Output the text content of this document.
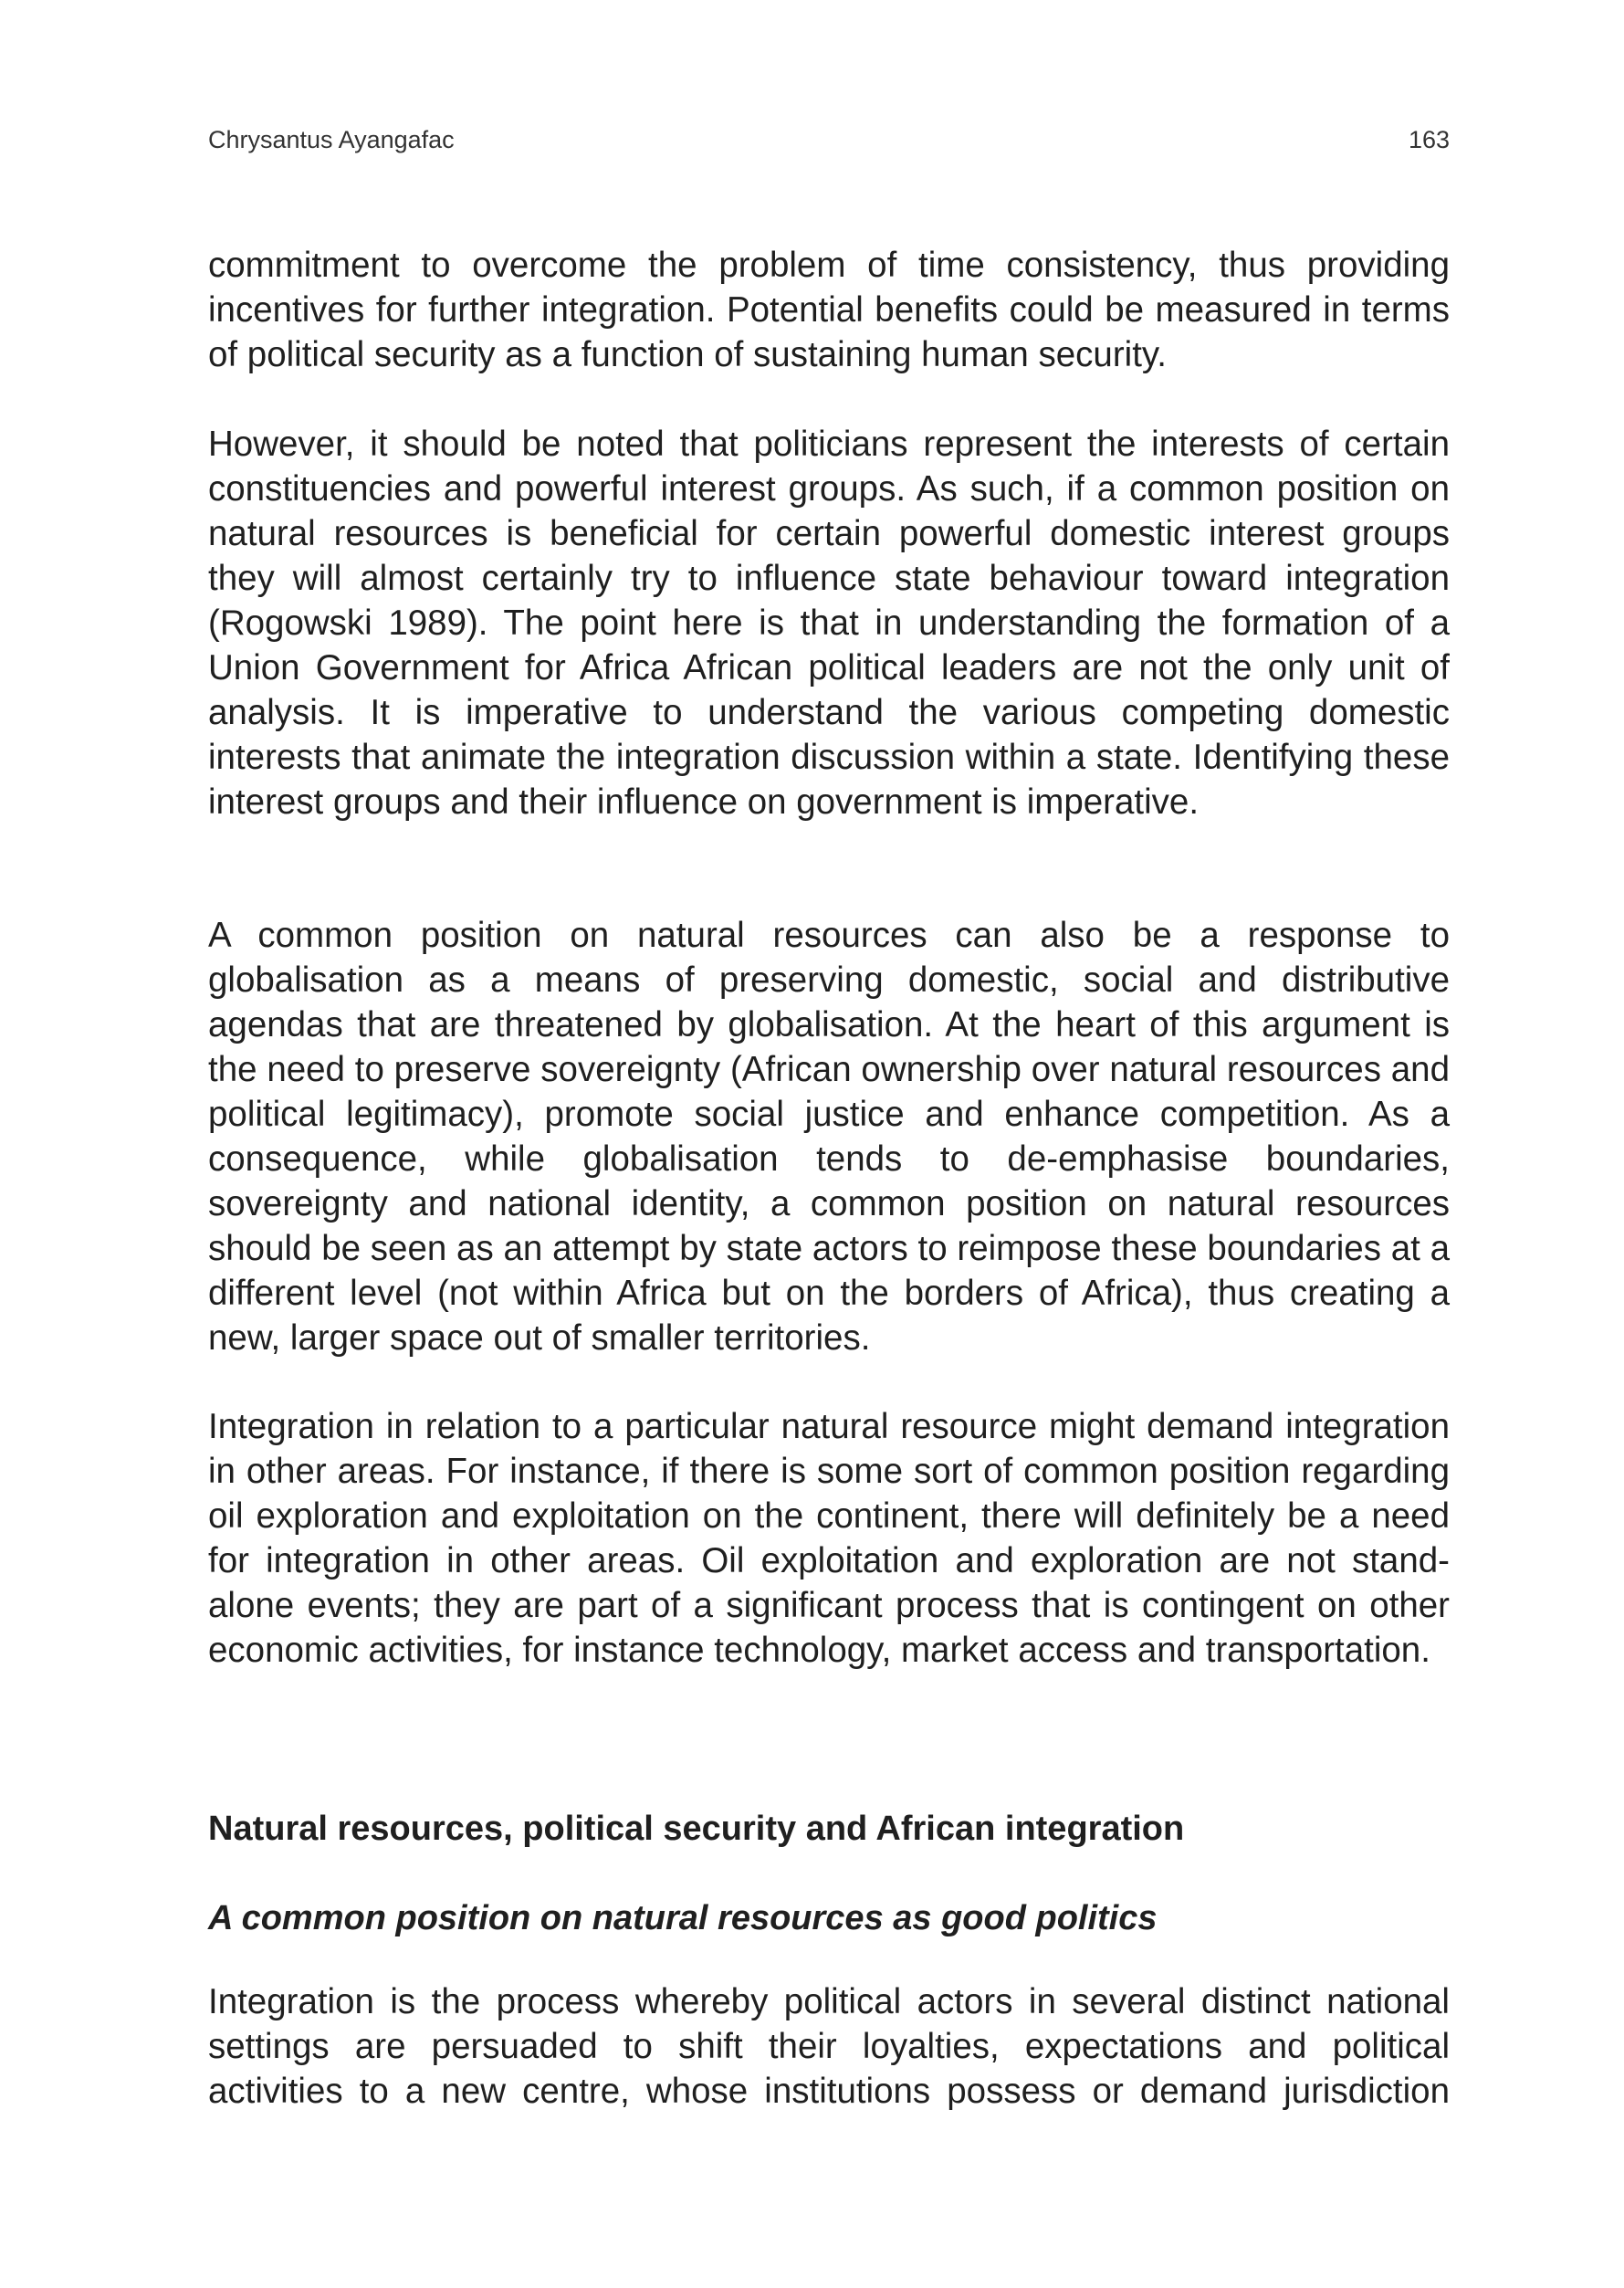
Chrysantus Ayangafac	163

commitment to overcome the problem of time consistency, thus providing incentives for further integration. Potential benefits could be measured in terms of political security as a function of sustaining human security.

However, it should be noted that politicians represent the interests of certain constituencies and powerful interest groups. As such, if a common position on natural resources is beneficial for certain powerful domestic interest groups they will almost certainly try to influence state behaviour toward integration (Rogowski 1989). The point here is that in understanding the formation of a Union Government for Africa African political leaders are not the only unit of analysis. It is imperative to understand the various competing domestic interests that animate the integration discussion within a state. Identifying these interest groups and their influence on government is imperative.

A common position on natural resources can also be a response to globalisation as a means of preserving domestic, social and distributive agendas that are threatened by globalisation. At the heart of this argument is the need to preserve sovereignty (African ownership over natural resources and political legitimacy), promote social justice and enhance competition. As a consequence, while globalisation tends to de-emphasise boundaries, sovereignty and national identity, a common position on natural resources should be seen as an attempt by state actors to reimpose these boundaries at a different level (not within Africa but on the borders of Africa), thus creating a new, larger space out of smaller territories.

Integration in relation to a particular natural resource might demand integration in other areas. For instance, if there is some sort of common position regarding oil exploration and exploitation on the continent, there will definitely be a need for integration in other areas. Oil exploitation and exploration are not stand-alone events; they are part of a significant process that is contingent on other economic activities, for instance technology, market access and transportation.

Natural resources, political security and African integration
A common position on natural resources as good politics

Integration is the process whereby political actors in several distinct national settings are persuaded to shift their loyalties, expectations and political activities to a new centre, whose institutions possess or demand jurisdiction
